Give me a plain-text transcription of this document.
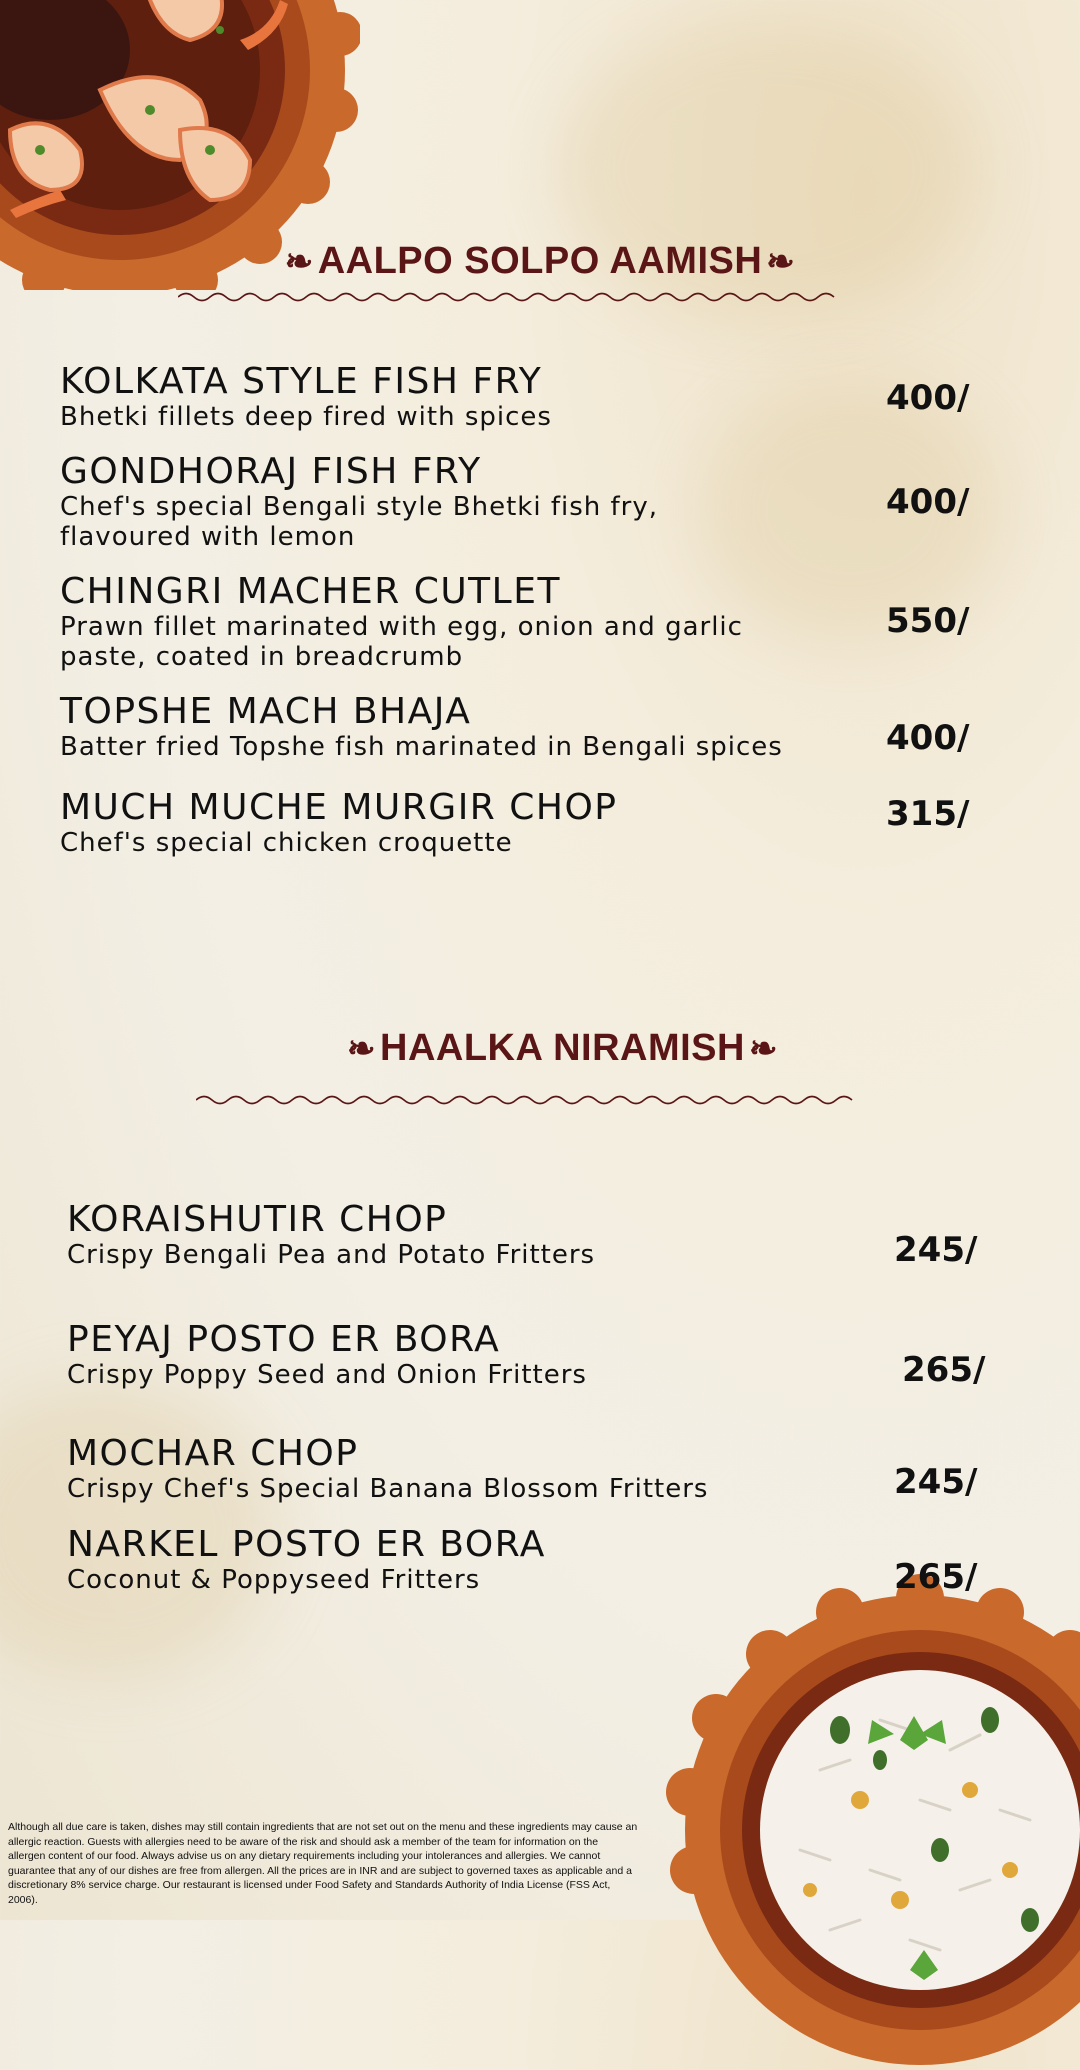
❧ AALPO SOLPO AAMISH ❧
KOLKATA STYLE FISH FRY
Bhetki fillets deep fired with spices	400/
GONDHORAJ FISH FRY
Chef's special Bengali style Bhetki fish fry, flavoured with lemon
400/
CHINGRI MACHER CUTLET
Prawn fillet marinated with egg, onion and garlic paste, coated in breadcrumb
550/
TOPSHE MACH BHAJA
Batter fried Topshe fish marinated in Bengali spices	400/
MUCH MUCHE MURGIR CHOP
Chef's special chicken croquette
315/
❧ HAALKA NIRAMISH ❧
KORAISHUTIR CHOP
Crispy Bengali Pea and Potato Fritters	245/
PEYAJ POSTO ER BORA
Crispy Poppy Seed and Onion Fritters	265/
MOCHAR CHOP
Crispy Chef's Special Banana Blossom Fritters	245/
NARKEL POSTO ER BORA
Coconut & Poppyseed Fritters	265/
Although all due care is taken, dishes may still contain ingredients that are not set out on the menu and these ingredients may cause an allergic reaction. Guests with allergies need to be aware of the risk and should ask a member of the team for information on the allergen content of our food. Always advise us on any dietary requirements including your intolerances and allergies. We cannot guarantee that any of our dishes are free from allergen. All the prices are in INR and are subject to governed taxes as applicable and a discretionary 8% service charge. Our restaurant is licensed under Food Safety and Standards Authority of India License (FSS Act, 2006).
